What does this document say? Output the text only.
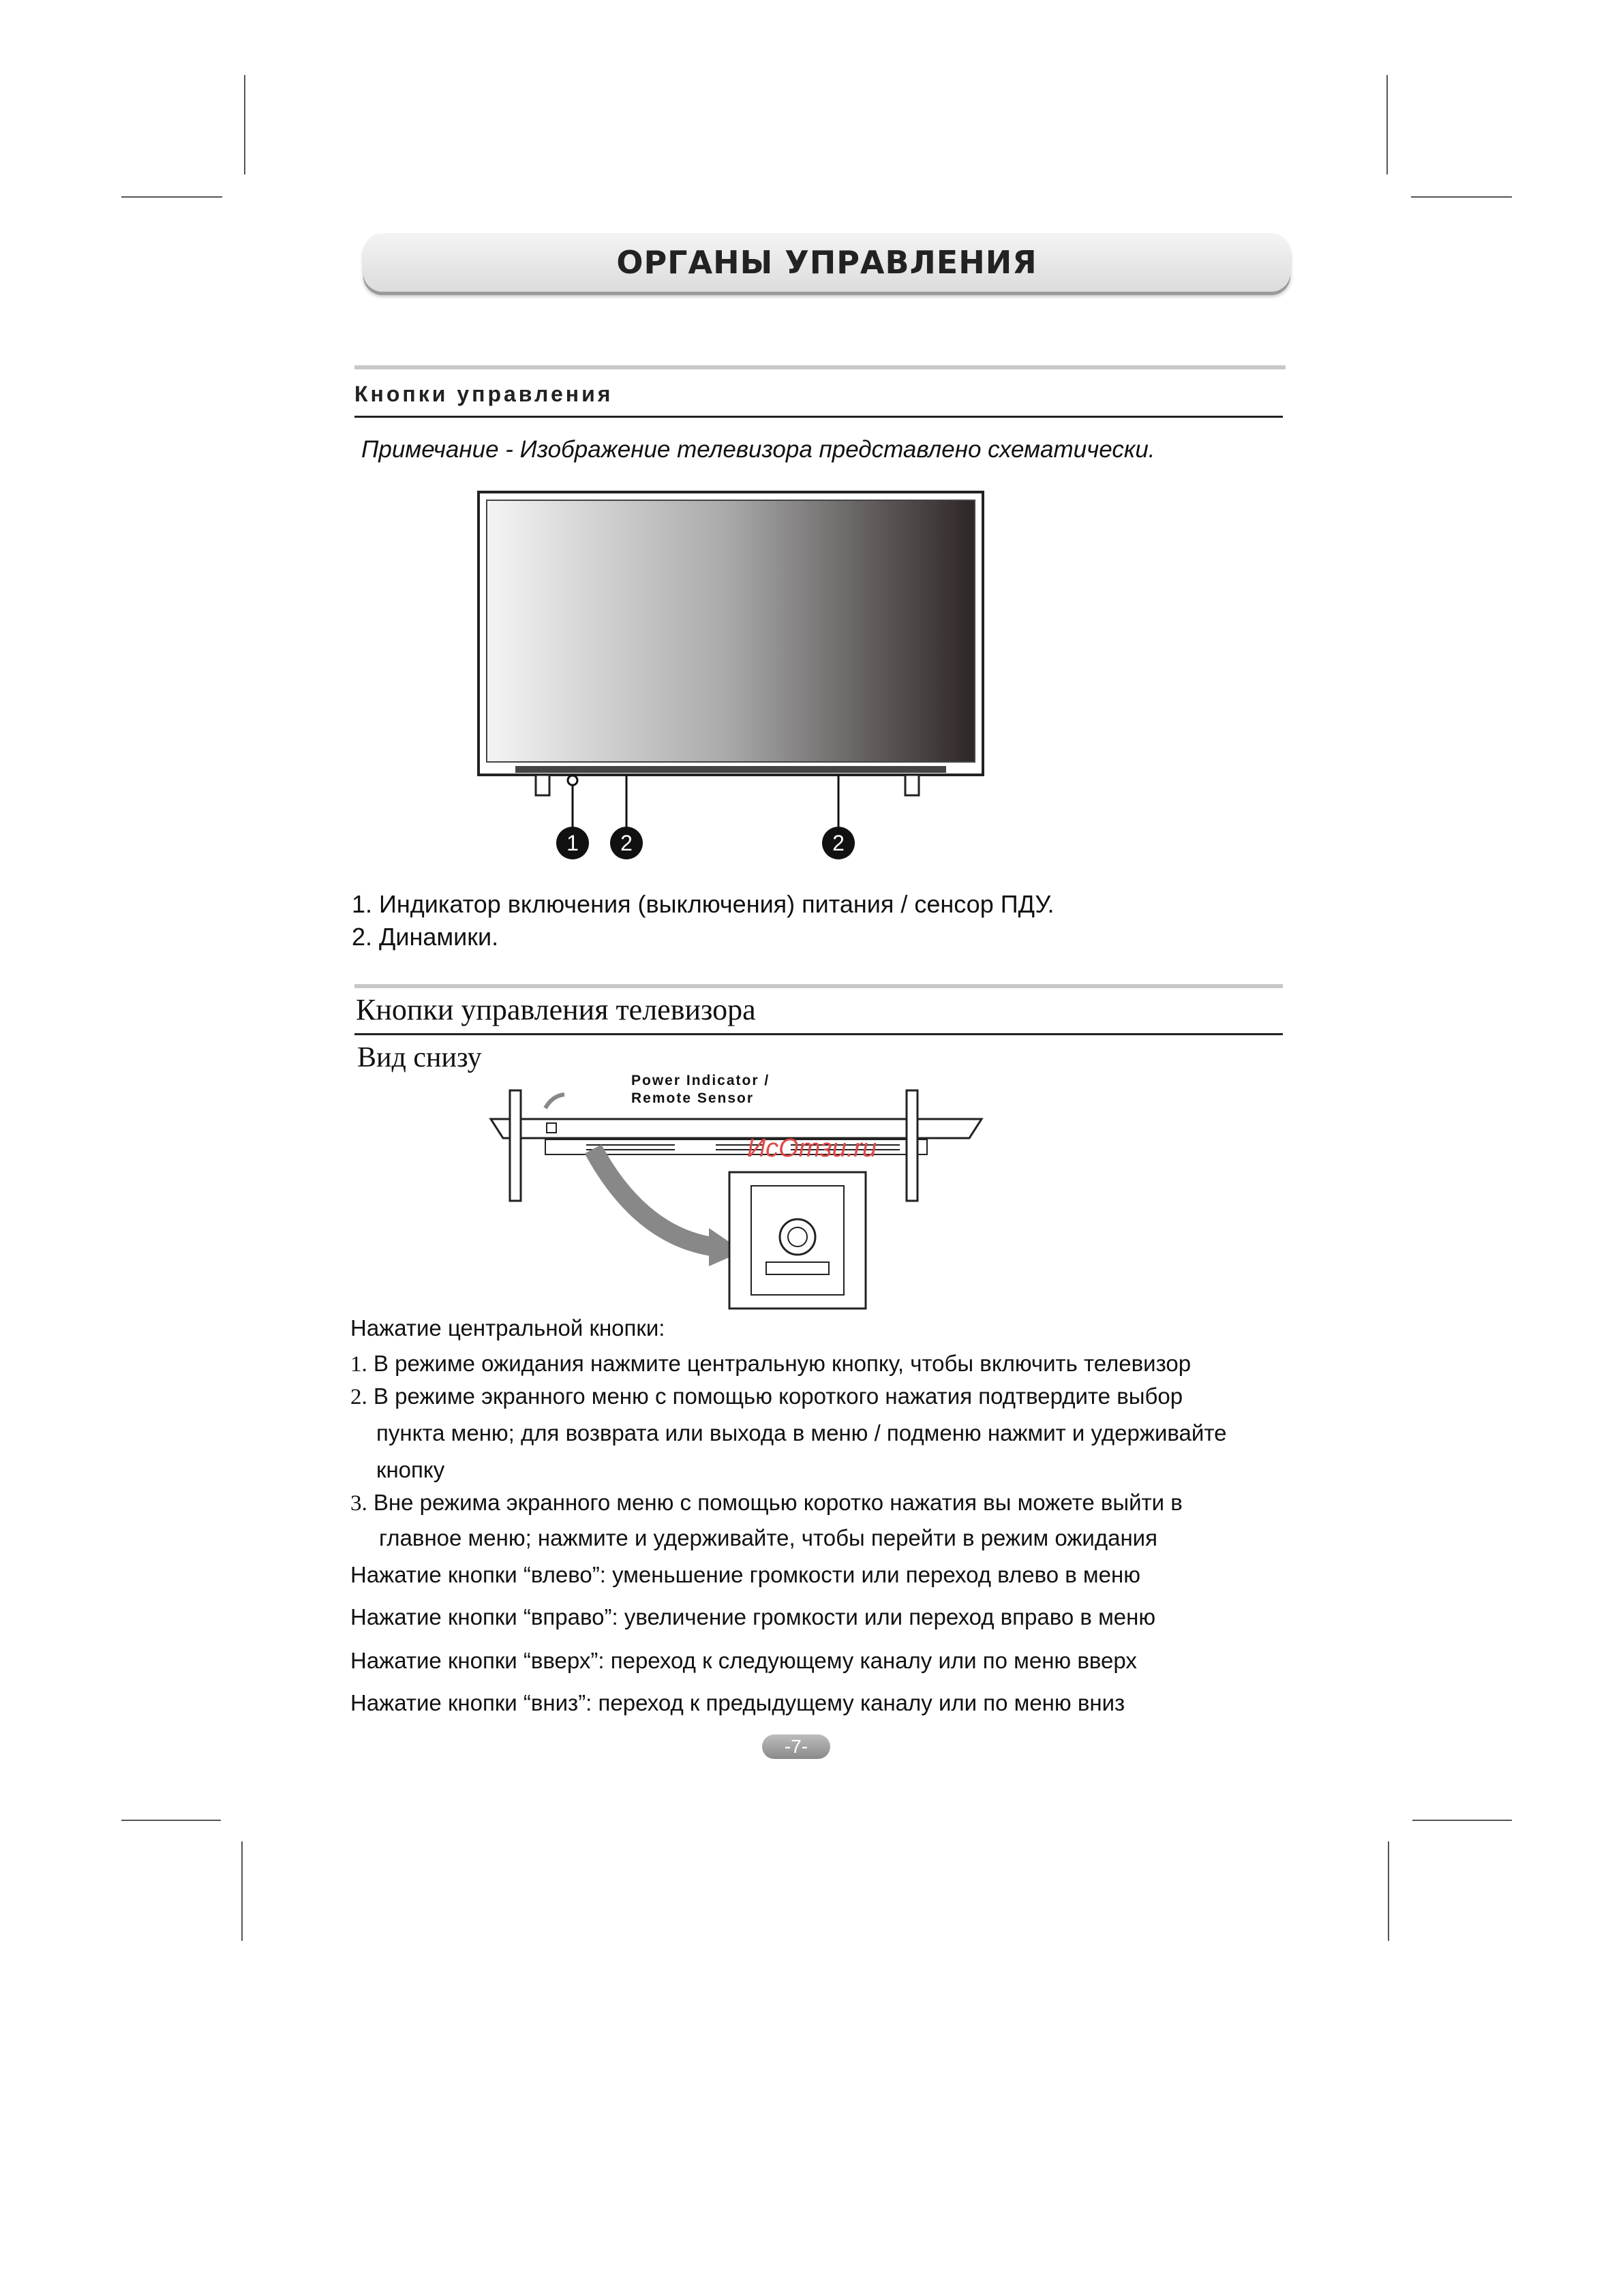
ОРГАНЫ УПРАВЛЕНИЯ
Кнопки управления
Примечание - Изображение телевизора представлено схематически.
1	2	2
1. Индикатор включения (выключения) питания / сенсор ПДУ.
2. Динамики.
Кнопки управления телевизора
Вид снизу
Power Indicator /
Remote Sensor
ИсОтзи.ru
Нажатие центральной кнопки:
1. В режиме ожидания нажмите центральную кнопку, чтобы включить телевизор
2. В режиме экранного меню с помощью короткого нажатия подтвердите выбор
пункта меню; для возврата или выхода в меню / подменю нажмит и удерживайте
кнопку
3. Вне режима экранного меню с помощью коротко нажатия вы можете выйти в
главное меню; нажмите и удерживайте, чтобы перейти в режим ожидания
Нажатие кнопки “влево”: уменьшение громкости или переход влево в меню
Нажатие кнопки “вправо”: увеличение громкости или переход вправо в меню
Нажатие кнопки “вверх”: переход к следующему каналу или по меню вверх
Нажатие кнопки “вниз”: переход к предыдущему каналу или по меню вниз
-7-
